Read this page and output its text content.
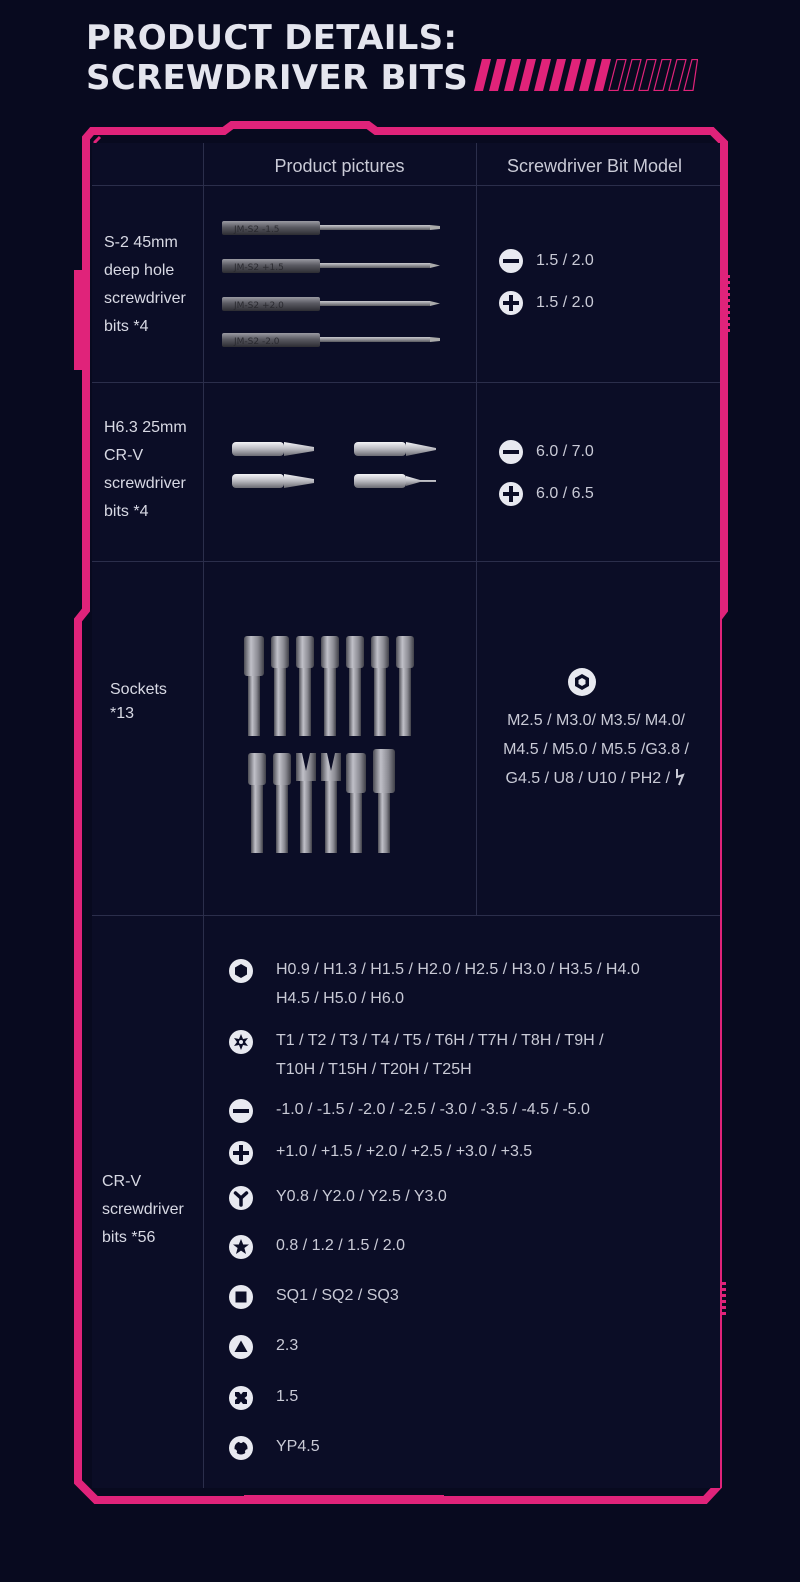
PRODUCT DETAILS:
SCREWDRIVER BITS
Product pictures	Screwdriver Bit Model
S-2 45mm
deep hole
screwdriver
bits *4
JM-S2 -1.5
JM-S2 +1.5
JM-S2 +2.0
JM-S2 -2.0
1.5 / 2.0
1.5 / 2.0
H6.3 25mm
CR-V
screwdriver
bits *4
6.0 / 7.0
6.0 / 6.5
Sockets
*13	M2.5 / M3.0/ M3.5/ M4.0/
M4.5 / M5.0 / M5.5 /G3.8 /
G4.5 / U8 / U10 / PH2 /
CR-V
screwdriver
bits *56
H0.9 / H1.3 / H1.5 / H2.0 / H2.5 / H3.0 / H3.5 / H4.0
H4.5 / H5.0 / H6.0
T1 / T2 / T3 / T4 / T5 / T6H / T7H / T8H / T9H /
T10H / T15H / T20H / T25H
-1.0 / -1.5 / -2.0 / -2.5 / -3.0 / -3.5 / -4.5 / -5.0
+1.0 / +1.5 / +2.0 / +2.5 / +3.0 / +3.5
Y0.8 / Y2.0 / Y2.5 / Y3.0
0.8 / 1.2 / 1.5 / 2.0
SQ1 / SQ2 / SQ3
2.3
1.5
YP4.5
